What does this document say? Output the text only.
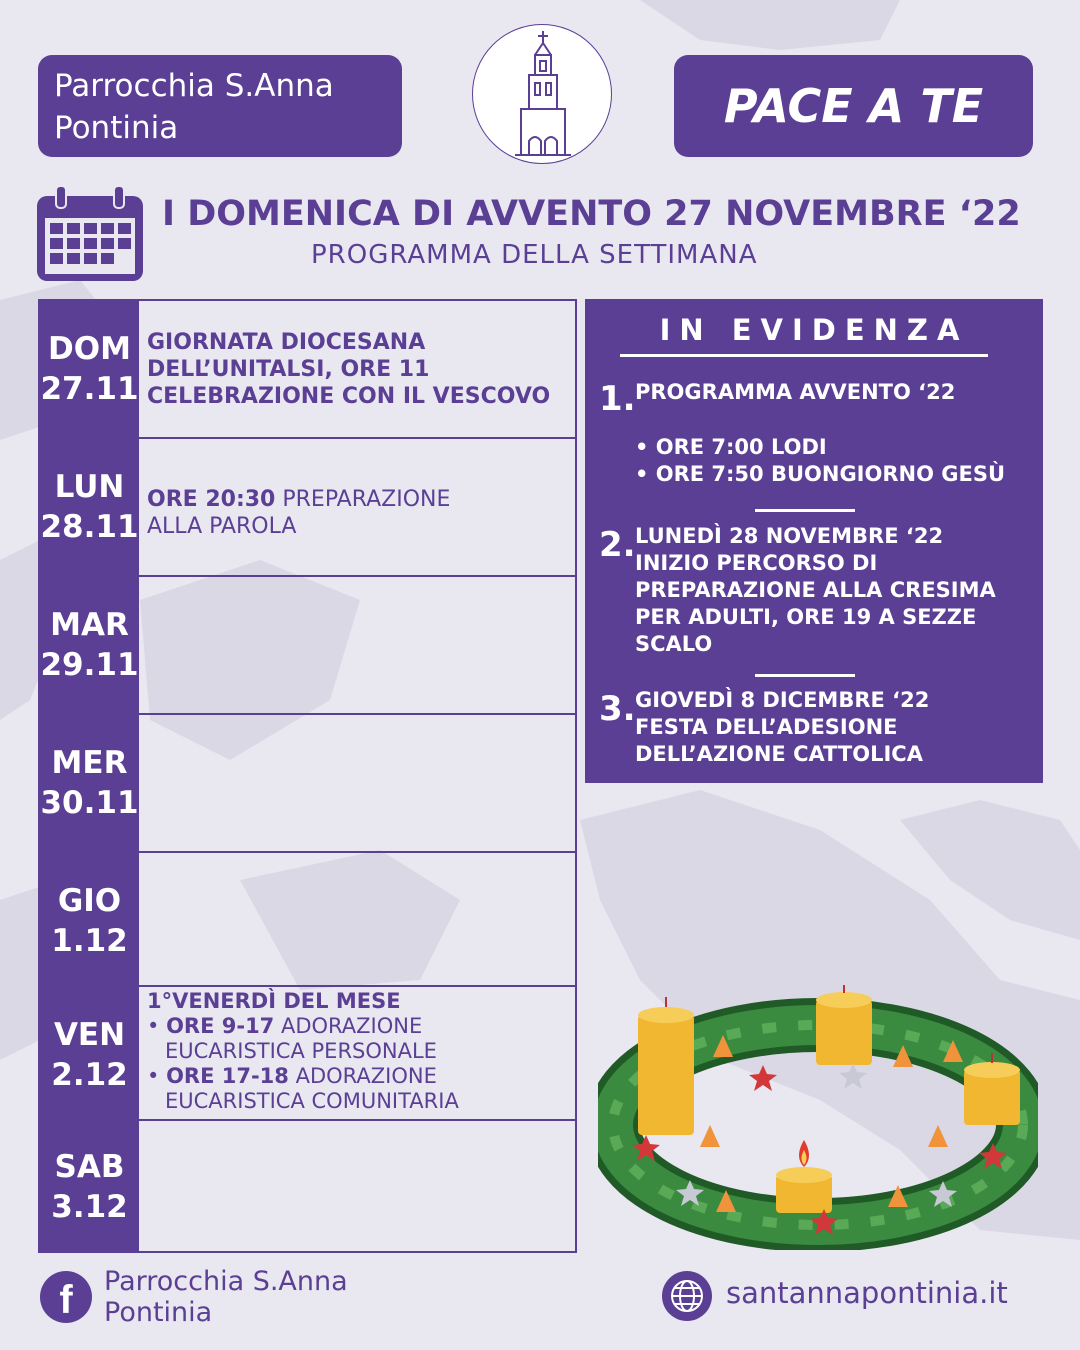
Parrocchia S.Anna
Pontinia	PACE A TE
I DOMENICA DI AVVENTO 27 NOVEMBRE ‘22
PROGRAMMA DELLA SETTIMANA
DOM
27.11
GIORNATA DIOCESANA
DELL’UNITALSI, ORE 11
CELEBRAZIONE CON IL VESCOVO
LUN
28.11
ORE 20:30 PREPARAZIONE
ALLA PAROLA
MAR
29.11
MER
30.11
GIO
1.12
VEN
2.12
1°VENERDÌ DEL MESE
• ORE 9-17 ADORAZIONE
EUCARISTICA PERSONALE
• ORE 17-18 ADORAZIONE
EUCARISTICA COMUNITARIA
SAB
3.12
IN EVIDENZA
1. PROGRAMMA AVVENTO ‘22
• ORE 7:00 LODI
• ORE 7:50 BUONGIORNO GESÙ
2. LUNEDÌ 28 NOVEMBRE ‘22
INIZIO PERCORSO DI
PREPARAZIONE ALLA CRESIMA
PER ADULTI, ORE 19 A SEZZE
SCALO
3. GIOVEDÌ 8 DICEMBRE ‘22
FESTA DELL’ADESIONE
DELL’AZIONE CATTOLICA
f	Parrocchia S.Anna
Pontinia
santannapontinia.it
